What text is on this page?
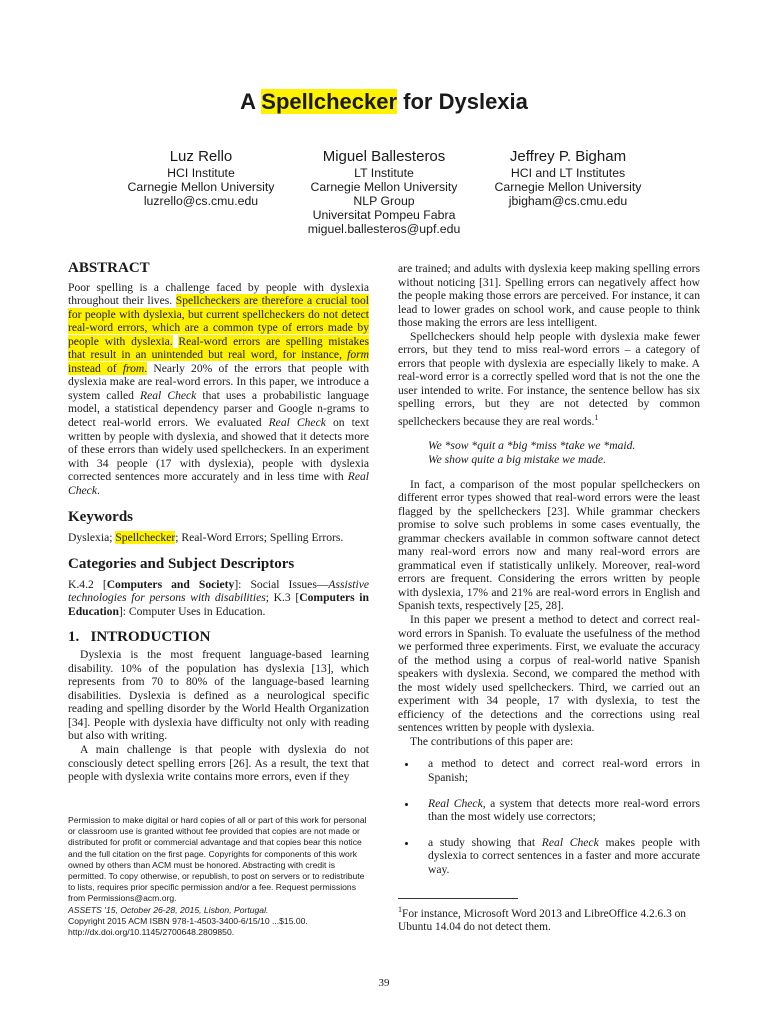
A Spellchecker for Dyslexia
Luz Rello
HCI Institute
Carnegie Mellon University
luzrello@cs.cmu.edu
Miguel Ballesteros
LT Institute
Carnegie Mellon University
NLP Group
Universitat Pompeu Fabra
miguel.ballesteros@upf.edu
Jeffrey P. Bigham
HCI and LT Institutes
Carnegie Mellon University
jbigham@cs.cmu.edu
ABSTRACT

Poor spelling is a challenge faced by people with dyslexia throughout their lives. Spellcheckers are therefore a crucial tool for people with dyslexia, but current spellcheckers do not detect real-word errors, which are a common type of errors made by people with dyslexia. Real-word errors are spelling mistakes that result in an unintended but real word, for instance, form instead of from. Nearly 20% of the errors that people with dyslexia make are real-word errors. In this paper, we introduce a system called Real Check that uses a probabilistic language model, a statistical dependency parser and Google n-grams to detect real-world errors. We evaluated Real Check on text written by people with dyslexia, and showed that it detects more of these errors than widely used spellcheckers. In an experiment with 34 people (17 with dyslexia), people with dyslexia corrected sentences more accurately and in less time with Real Check.

Keywords

Dyslexia; Spellchecker; Real-Word Errors; Spelling Errors.

Categories and Subject Descriptors

K.4.2 [Computers and Society]: Social Issues—Assistive technologies for persons with disabilities; K.3 [Computers in Education]: Computer Uses in Education.

1.   INTRODUCTION

Dyslexia is the most frequent language-based learning disability. 10% of the population has dyslexia [13], which represents from 70 to 80% of the language-based learning disabilities. Dyslexia is defined as a neurological specific reading and spelling disorder by the World Health Organization [34]. People with dyslexia have difficulty not only with reading but also with writing.

A main challenge is that people with dyslexia do not consciously detect spelling errors [26]. As a result, the text that people with dyslexia write contains more errors, even if they

Permission to make digital or hard copies of all or part of this work for personal or classroom use is granted without fee provided that copies are not made or distributed for profit or commercial advantage and that copies bear this notice and the full citation on the first page. Copyrights for components of this work owned by others than ACM must be honored. Abstracting with credit is permitted. To copy otherwise, or republish, to post on servers or to redistribute to lists, requires prior specific permission and/or a fee. Request permissions from Permissions@acm.org.
ASSETS '15, October 26-28, 2015, Lisbon, Portugal.
Copyright 2015 ACM ISBN 978-1-4503-3400-6/15/10 ...$15.00.
http://dx.doi.org/10.1145/2700648.2809850.

are trained; and adults with dyslexia keep making spelling errors without noticing [31]. Spelling errors can negatively affect how the people making those errors are perceived. For instance, it can lead to lower grades on school work, and cause people to think those making the errors are less intelligent.

Spellcheckers should help people with dyslexia make fewer errors, but they tend to miss real-word errors – a category of errors that people with dyslexia are especially likely to make. A real-word error is a correctly spelled word that is not the one the user intended to write. For instance, the sentence bellow has six spelling errors, but they are not detected by common spellcheckers because they are real words.$^1$

We *sow *quit a *big *miss *take we *maid.
We show quite a big mistake we made.

In fact, a comparison of the most popular spellcheckers on different error types showed that real-word errors were the least flagged by the spellcheckers [23]. While grammar checkers promise to solve such problems in some cases eventually, the grammar checkers available in common software cannot detect many real-word errors now and many real-word errors are grammatical even if statistically unlikely. Moreover, real-word errors are frequent. Considering the errors written by people with dyslexia, 17% and 21% are real-word errors in English and Spanish texts, respectively [25, 28].

In this paper we present a method to detect and correct real-word errors in Spanish. To evaluate the usefulness of the method we performed three experiments. First, we evaluate the accuracy of the method using a corpus of real-world native Spanish speakers with dyslexia. Second, we compared the method with the most widely used spellcheckers. Third, we carried out an experiment with 34 people, 17 with dyslexia, to test the efficiency of the detections and the corrections using real sentences written by people with dyslexia.

The contributions of this paper are:

• a method to detect and correct real-word errors in Spanish;
• Real Check, a system that detects more real-word errors than the most widely use correctors;
• a study showing that Real Check makes people with dyslexia to correct sentences in a faster and more accurate way.
$^1$For instance, Microsoft Word 2013 and LibreOffice 4.2.6.3 on Ubuntu 14.04 do not detect them.
39
